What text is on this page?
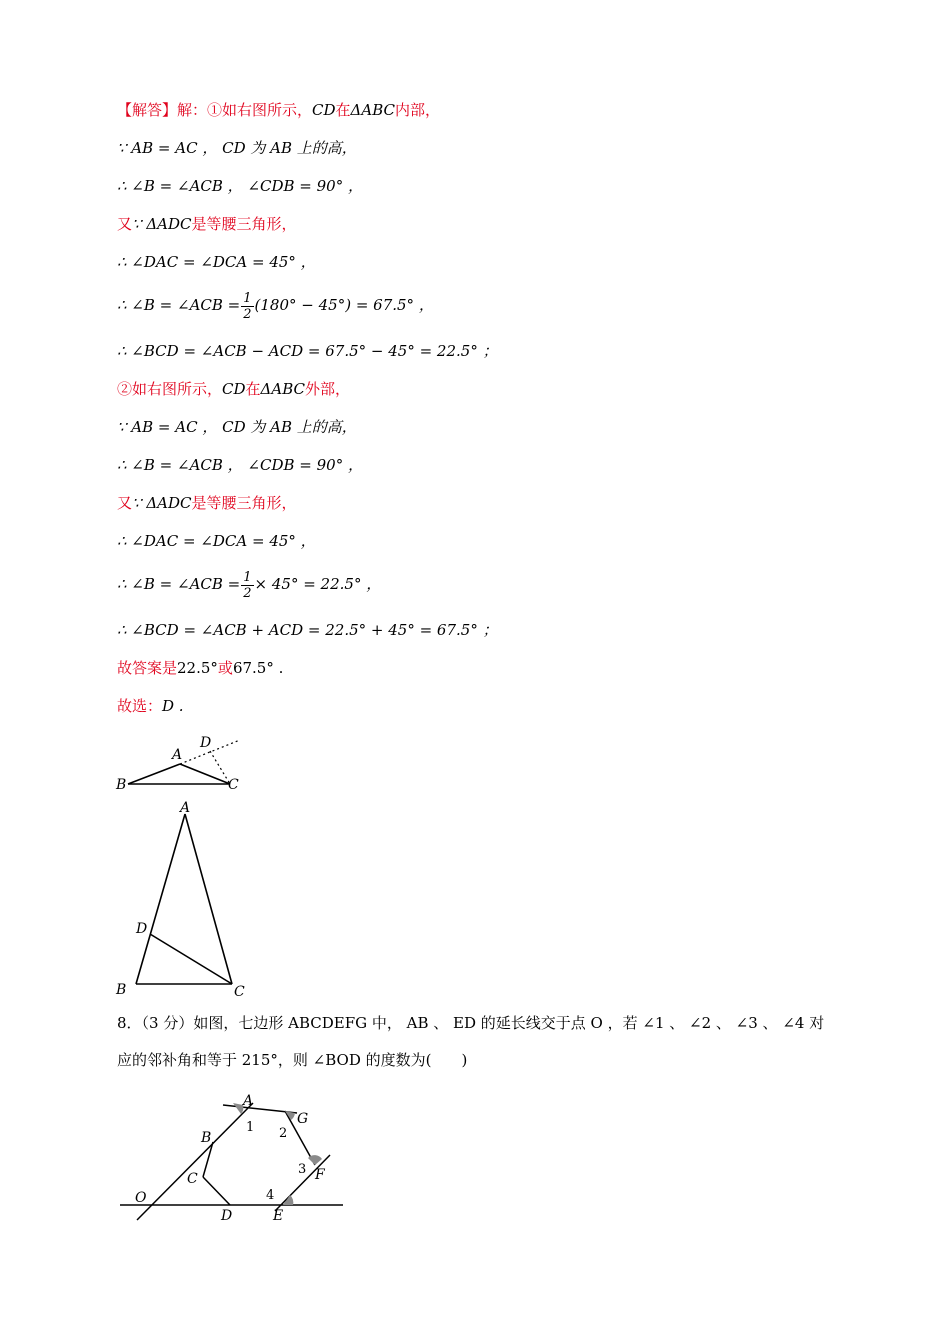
【解答】解：①如右图所示，CD在ΔABC内部，
∵ AB = AC ， CD 为 AB 上的高，
∴ ∠B = ∠ACB ， ∠CDB = 90° ，
又∵ ΔADC是等腰三角形，
∴ ∠DAC = ∠DCA = 45° ，
∴ ∠B = ∠ACB = $\frac{1}{2} (180^\circ - 45^\circ) = 67.5^\circ$ ，
∴ ∠BCD = ∠ACB − ACD = 67.5° − 45° = 22.5° ；
②如右图所示，CD在ΔABC外部，
∵ AB = AC ， CD 为 AB 上的高，
∴ ∠B = ∠ACB ， ∠CDB = 90° ，
又∵ ΔADC是等腰三角形，
∴ ∠DAC = ∠DCA = 45° ，
∴ ∠B = ∠ACB = $\frac{1}{2} \times 45^\circ = 22.5^\circ$ ，
∴ ∠BCD = ∠ACB + ACD = 22.5° + 45° = 67.5° ；
故答案是22.5°或67.5° .
故选：D .
B
A
D
C
A
D
B	C
8．（3 分）如图，七边形 ABCDEFG 中， AB 、 ED 的延长线交于点 O ，若 ∠1 、 ∠2 、 ∠3 、 ∠4 对
应的邻补角和等于 215°，则 ∠BOD 的度数为(　　)
O
A
B
C
D	E
F
G
1 2
3
4
